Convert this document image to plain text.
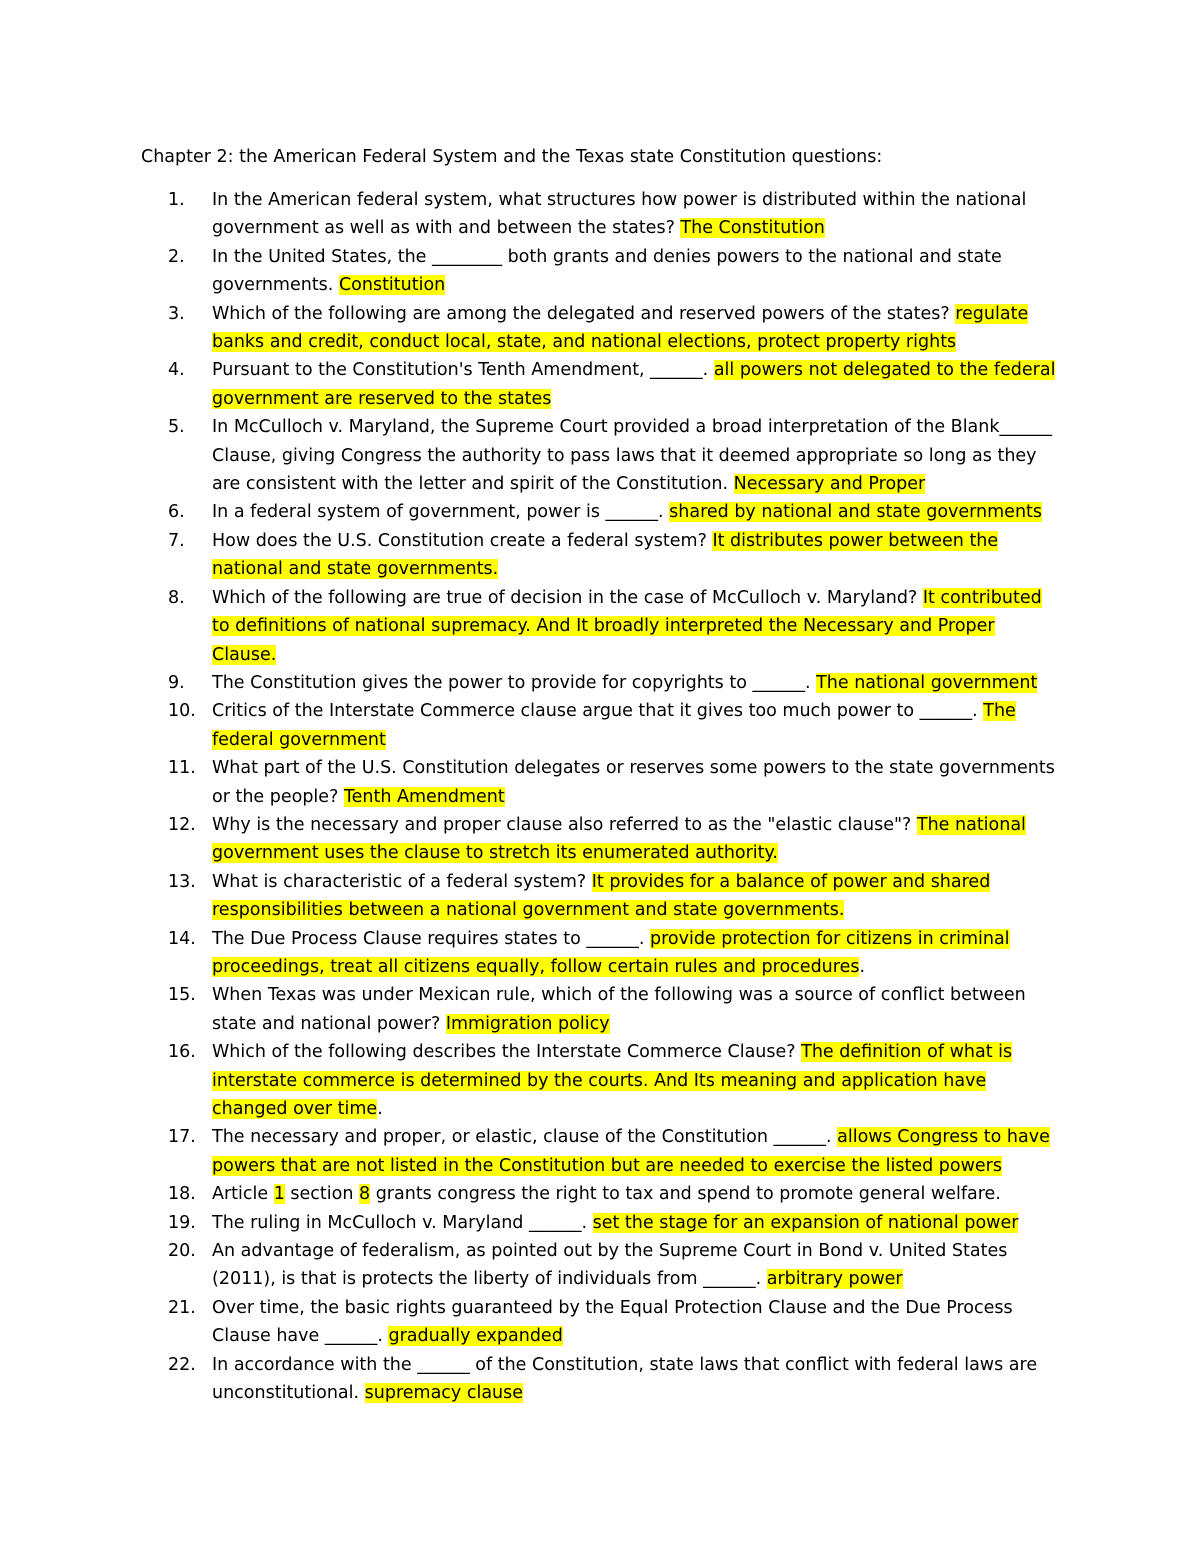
Chapter 2: the American Federal System and the Texas state Constitution questions:
1.	In the American federal system, what structures how power is distributed within the national government as well as with and between the states? The Constitution
2.	In the United States, the ________ both grants and denies powers to the national and state governments. Constitution
3.	Which of the following are among the delegated and reserved powers of the states? regulate banks and credit, conduct local, state, and national elections, protect property rights
4.	Pursuant to the Constitution's Tenth Amendment, ______. all powers not delegated to the federal government are reserved to the states
5.	In McCulloch v. Maryland, the Supreme Court provided a broad interpretation of the Blank______ Clause, giving Congress the authority to pass laws that it deemed appropriate so long as they are consistent with the letter and spirit of the Constitution. Necessary and Proper
6.	In a federal system of government, power is ______. shared by national and state governments
7.	How does the U.S. Constitution create a federal system? It distributes power between the national and state governments.
8.	Which of the following are true of decision in the case of McCulloch v. Maryland? It contributed to definitions of national supremacy. And It broadly interpreted the Necessary and Proper Clause.
9.	The Constitution gives the power to provide for copyrights to ______. The national government
10. Critics of the Interstate Commerce clause argue that it gives too much power to ______. The federal government
11. What part of the U.S. Constitution delegates or reserves some powers to the state governments or the people? Tenth Amendment
12. Why is the necessary and proper clause also referred to as the "elastic clause"? The national government uses the clause to stretch its enumerated authority.
13. What is characteristic of a federal system? It provides for a balance of power and shared responsibilities between a national government and state governments.
14. The Due Process Clause requires states to ______. provide protection for citizens in criminal proceedings, treat all citizens equally, follow certain rules and procedures.
15. When Texas was under Mexican rule, which of the following was a source of conflict between state and national power? Immigration policy
16. Which of the following describes the Interstate Commerce Clause? The definition of what is interstate commerce is determined by the courts. And Its meaning and application have changed over time.
17. The necessary and proper, or elastic, clause of the Constitution ______. allows Congress to have powers that are not listed in the Constitution but are needed to exercise the listed powers
18. Article 1 section 8 grants congress the right to tax and spend to promote general welfare.
19. The ruling in McCulloch v. Maryland ______. set the stage for an expansion of national power
20. An advantage of federalism, as pointed out by the Supreme Court in Bond v. United States (2011), is that is protects the liberty of individuals from ______. arbitrary power
21. Over time, the basic rights guaranteed by the Equal Protection Clause and the Due Process Clause have ______. gradually expanded
22. In accordance with the ______ of the Constitution, state laws that conflict with federal laws are unconstitutional. supremacy clause
